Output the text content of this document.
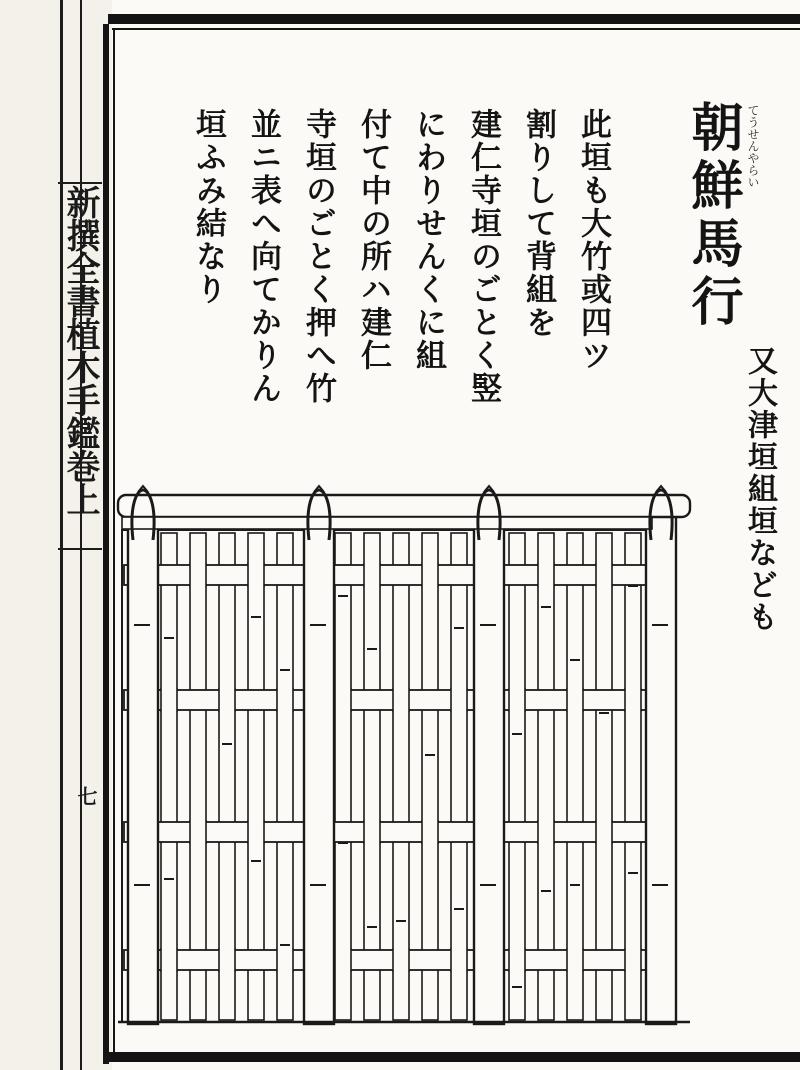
新撰全書植木手鑑巻上
七
朝鮮馬行 てうせんやらい
此垣も大竹或四ツ
割りして背組を
建仁寺垣のごとく竪
にわりせんくに組
付て中の所ハ建仁
寺垣のごとく押へ竹
並ニ表へ向てかりん
垣ふみ結なり
又大津垣組垣なども
